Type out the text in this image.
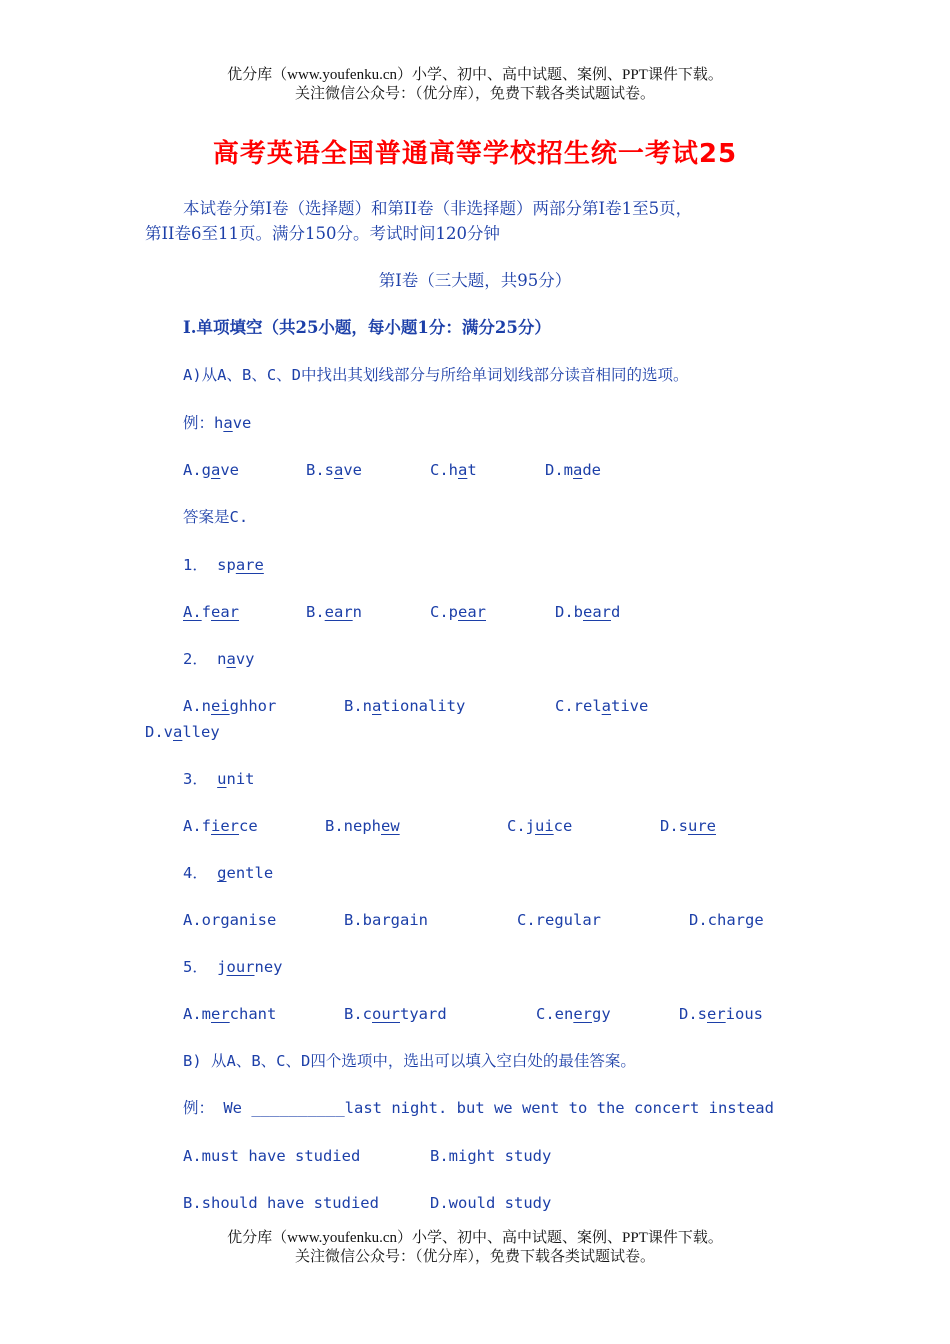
优分库（www.youfenku.cn）小学、初中、高中试题、案例、PPT课件下载。
关注微信公众号：（优分库），免费下载各类试题试卷。
高考英语全国普通高等学校招生统一考试25
本试卷分第Ⅰ卷（选择题）和第II卷（非选择题）两部分第Ⅰ卷1至5页，
第II卷6至11页。满分150分。考试时间120分钟
第Ⅰ卷（三大题，共95分）
I.单项填空（共25小题，每小题1分：满分25分）
A)从A、B、C、D中找出其划线部分与所给单词划线部分读音相同的选项。
例：have
A.gave	B.save	C.hat	D.made
答案是C.
1． spare
A.fear	B.earn	C.pear	D.beard
2． navy
A.neighhor	B.nationality	C.relative
D.valley
3． unit
A.fierce	B.nephew	C.juice	D.sure
4． gentle
A.organise	B.bargain	C.regular	D.charge
5． journey
A.merchant	B.courtyard	C.energy	D.serious
B) 从A、B、C、D四个选项中，选出可以填入空白处的最佳答案。
例： We __________last night. but we went to the concert instead
A.must have studied	B.might study
B.should have studied	D.would study
优分库（www.youfenku.cn）小学、初中、高中试题、案例、PPT课件下载。
关注微信公众号：（优分库），免费下载各类试题试卷。
